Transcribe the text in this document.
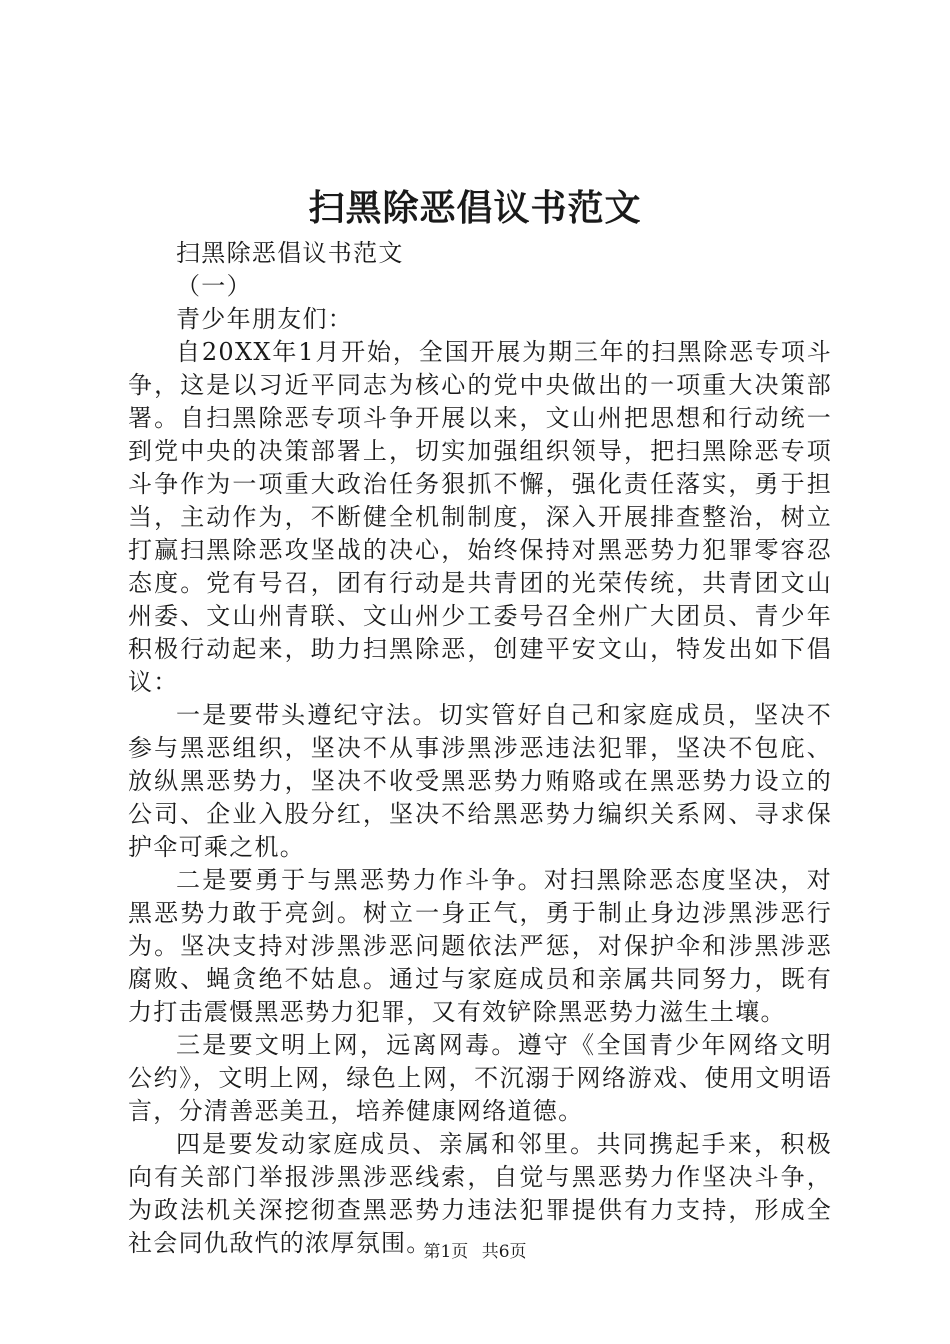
扫黑除恶倡议书范文

扫黑除恶倡议书范文

（一）

青少年朋友们：

自20XX年1月开始，全国开展为期三年的扫黑除恶专项斗争，这是以习近平同志为核心的党中央做出的一项重大决策部署。自扫黑除恶专项斗争开展以来，文山州把思想和行动统一到党中央的决策部署上，切实加强组织领导，把扫黑除恶专项斗争作为一项重大政治任务狠抓不懈，强化责任落实，勇于担当，主动作为，不断健全机制制度，深入开展排查整治，树立打赢扫黑除恶攻坚战的决心，始终保持对黑恶势力犯罪零容忍态度。党有号召，团有行动是共青团的光荣传统，共青团文山州委、文山州青联、文山州少工委号召全州广大团员、青少年积极行动起来，助力扫黑除恶，创建平安文山，特发出如下倡议：

一是要带头遵纪守法。切实管好自己和家庭成员，坚决不参与黑恶组织，坚决不从事涉黑涉恶违法犯罪，坚决不包庇、放纵黑恶势力，坚决不收受黑恶势力贿赂或在黑恶势力设立的公司、企业入股分红，坚决不给黑恶势力编织关系网、寻求保护伞可乘之机。

二是要勇于与黑恶势力作斗争。对扫黑除恶态度坚决，对黑恶势力敢于亮剑。树立一身正气，勇于制止身边涉黑涉恶行为。坚决支持对涉黑涉恶问题依法严惩，对保护伞和涉黑涉恶腐败、蝇贪绝不姑息。通过与家庭成员和亲属共同努力，既有力打击震慑黑恶势力犯罪，又有效铲除黑恶势力滋生土壤。

三是要文明上网，远离网毒。遵守《全国青少年网络文明公约》，文明上网，绿色上网，不沉溺于网络游戏、使用文明语言，分清善恶美丑，培养健康网络道德。

四是要发动家庭成员、亲属和邻里。共同携起手来，积极向有关部门举报涉黑涉恶线索，自觉与黑恶势力作坚决斗争，为政法机关深挖彻查黑恶势力违法犯罪提供有力支持，形成全社会同仇敌忾的浓厚氛围。

第1页 共6页
